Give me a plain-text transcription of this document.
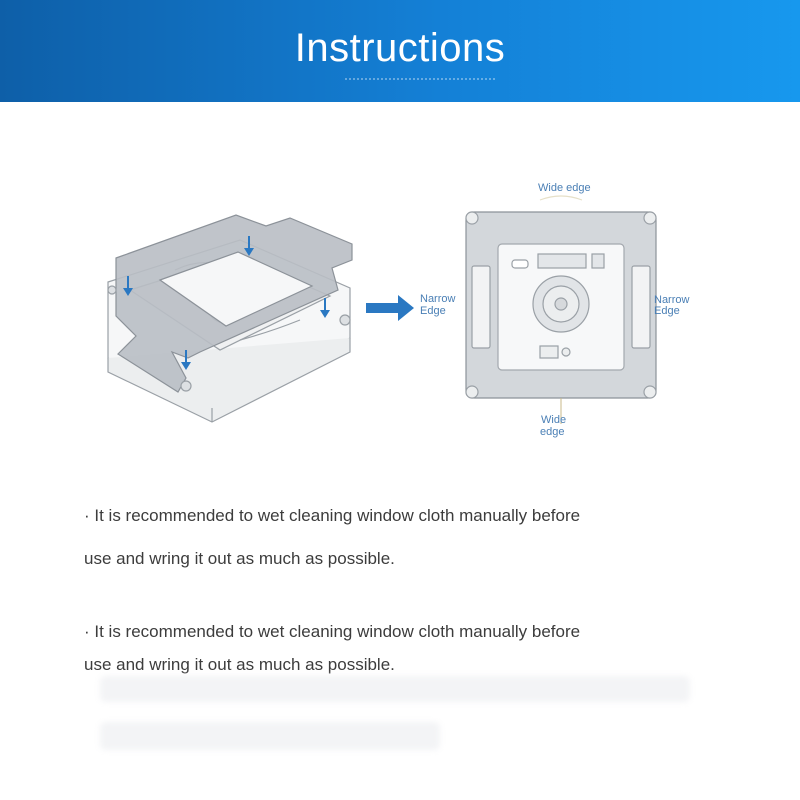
Instructions
Wide edge
Narrow
Edge
Narrow
Edge
Wide
edge
· It is recommended to wet cleaning window cloth manually before
use and wring it out as much as possible.
· It is recommended to wet cleaning window cloth manually before
use and wring it out as much as possible.
